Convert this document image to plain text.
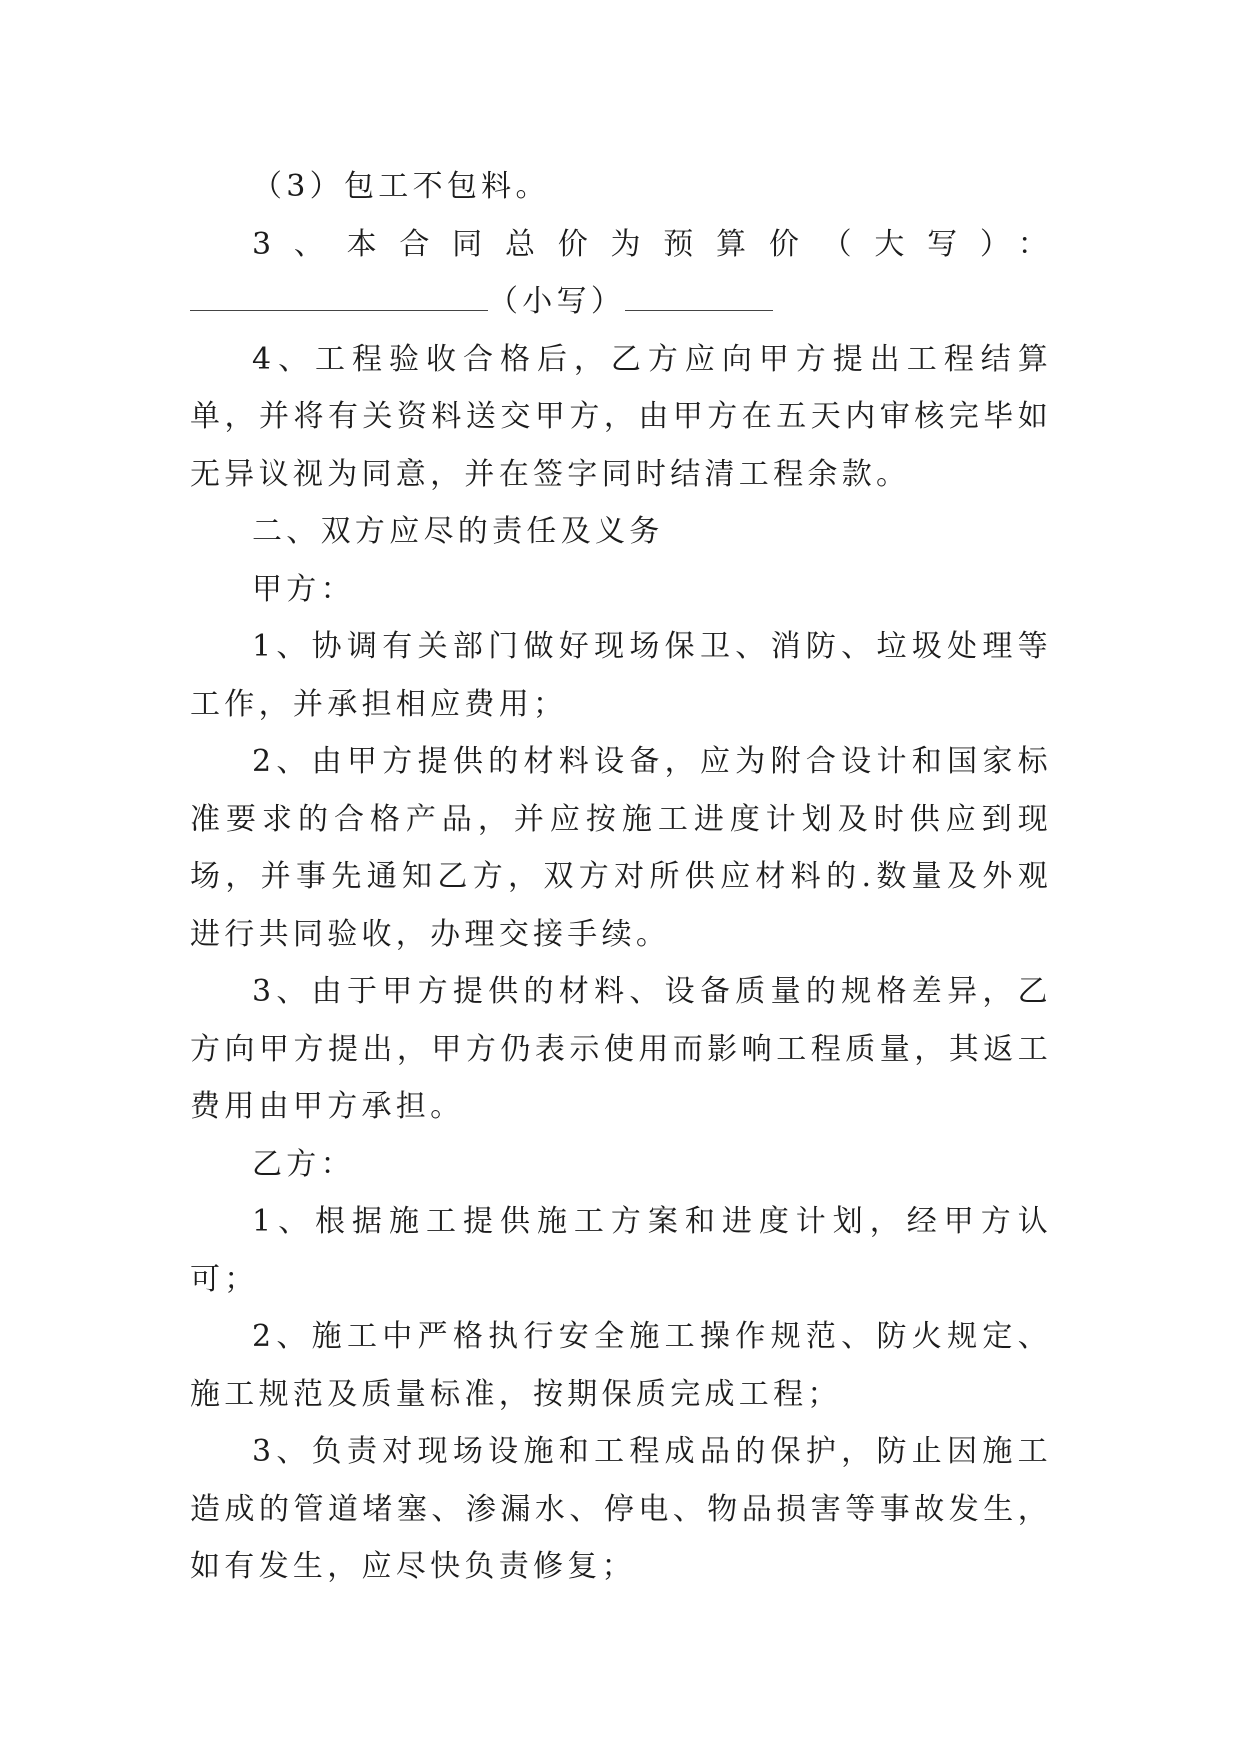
（3）包工不包料。

3、本合同总价为预算价（大写）：（小写）

4、工程验收合格后，乙方应向甲方提出工程结算单，并将有关资料送交甲方，由甲方在五天内审核完毕如无异议视为同意，并在签字同时结清工程余款。

二、双方应尽的责任及义务

甲方：

1、协调有关部门做好现场保卫、消防、垃圾处理等工作，并承担相应费用；

2、由甲方提供的材料设备，应为附合设计和国家标准要求的合格产品，并应按施工进度计划及时供应到现场，并事先通知乙方，双方对所供应材料的.数量及外观进行共同验收，办理交接手续。

3、由于甲方提供的材料、设备质量的规格差异，乙方向甲方提出，甲方仍表示使用而影响工程质量，其返工费用由甲方承担。

乙方：

1、根据施工提供施工方案和进度计划，经甲方认可；

2、施工中严格执行安全施工操作规范、防火规定、施工规范及质量标准，按期保质完成工程；

3、负责对现场设施和工程成品的保护，防止因施工造成的管道堵塞、渗漏水、停电、物品损害等事故发生，如有发生，应尽快负责修复；
